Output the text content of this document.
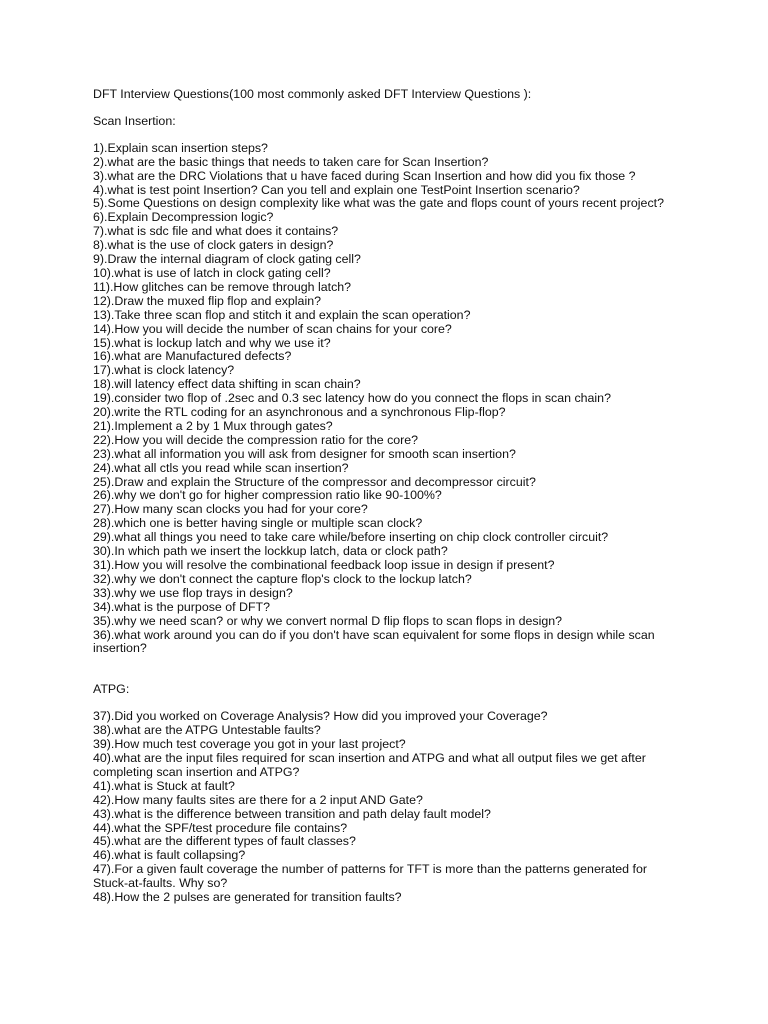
DFT Interview Questions(100 most commonly asked DFT Interview Questions ):
Scan Insertion:
1).Explain scan insertion steps?
2).what are the basic things that needs to taken care for Scan Insertion?
3).what are the DRC Violations that u have faced during Scan Insertion and how did you fix those ?
4).what is test point Insertion? Can you tell and explain one TestPoint Insertion scenario?
5).Some Questions on design complexity like what was the gate and flops count of yours recent project?
6).Explain Decompression logic?
7).what is sdc file and what does it contains?
8).what is the use of clock gaters in design?
9).Draw the internal diagram of clock gating cell?
10).what is use of latch in clock gating cell?
11).How glitches can be remove through latch?
12).Draw the muxed flip flop and explain?
13).Take three scan flop and stitch it and explain the scan operation?
14).How you will decide the number of scan chains for your core?
15).what is lockup latch and why we use it?
16).what are Manufactured defects?
17).what is clock latency?
18).will latency effect data shifting in scan chain?
19).consider two flop of .2sec and 0.3 sec latency how do you connect the flops in scan chain?
20).write the RTL coding for an asynchronous and a synchronous Flip-flop?
21).Implement a 2 by 1 Mux through gates?
22).How you will decide the compression ratio for the core?
23).what all information you will ask from designer for smooth scan insertion?
24).what all ctls you read while scan insertion?
25).Draw and explain the Structure of the compressor and decompressor circuit?
26).why we don't go for higher compression ratio like 90-100%?
27).How many scan clocks you had for your core?
28).which one is better having single or multiple scan clock?
29).what all things you need to take care while/before inserting on chip clock controller circuit?
30).In which path we insert the lockkup latch, data or clock path?
31).How you will resolve the combinational feedback loop issue in design if present?
32).why we don't connect the capture flop's clock to the lockup latch?
33).why we use flop trays in design?
34).what is the purpose of DFT?
35).why we need scan? or why we convert normal D flip flops to scan flops in design?
36).what work around you can do if you don't have scan equivalent for some flops in design while scan insertion?
ATPG:
37).Did you worked on Coverage Analysis? How did you improved your Coverage?
38).what are the ATPG Untestable faults?
39).How much test coverage you got in your last project?
40).what are the input files required for scan insertion and ATPG and what all output files we get after completing scan insertion and ATPG?
41).what is Stuck at fault?
42).How many faults sites are there for a 2 input AND Gate?
43).what is the difference between transition and path delay fault model?
44).what the SPF/test procedure file contains?
45).what are the different types of fault classes?
46).what is fault collapsing?
47).For a given fault coverage the number of patterns for TFT is more than the patterns generated for Stuck-at-faults. Why so?
48).How the 2 pulses are generated for transition faults?
